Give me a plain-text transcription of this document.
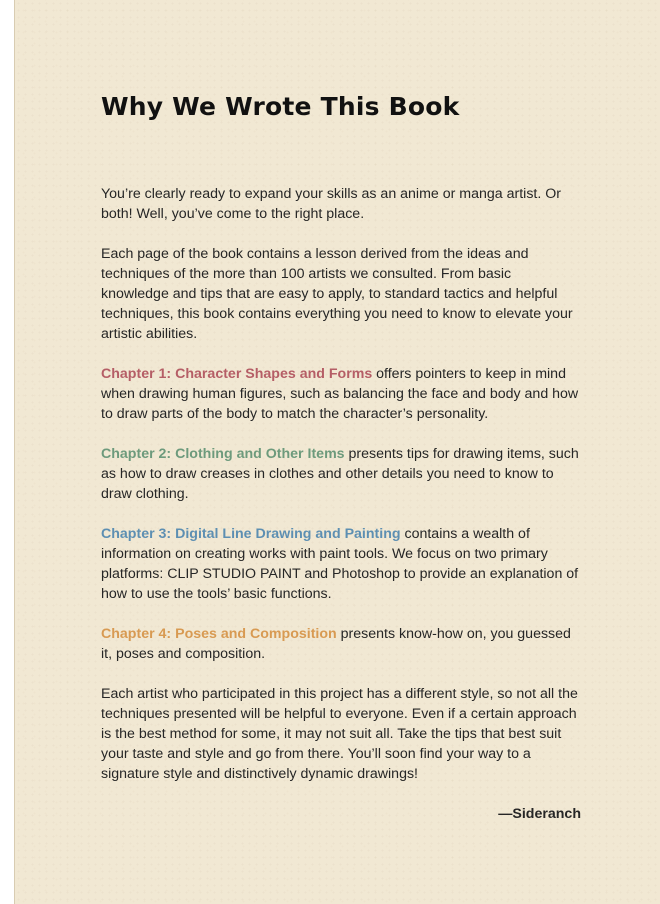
Why We Wrote This Book

You’re clearly ready to expand your skills as an anime or manga artist. Or both! Well, you’ve come to the right place.

Each page of the book contains a lesson derived from the ideas and techniques of the more than 100 artists we consulted. From basic knowledge and tips that are easy to apply, to standard tactics and helpful techniques, this book contains everything you need to know to elevate your artistic abilities.

Chapter 1: Character Shapes and Forms offers pointers to keep in mind when drawing human figures, such as balancing the face and body and how to draw parts of the body to match the character’s personality.

Chapter 2: Clothing and Other Items presents tips for drawing items, such as how to draw creases in clothes and other details you need to know to draw clothing.

Chapter 3: Digital Line Drawing and Painting contains a wealth of information on creating works with paint tools. We focus on two primary platforms: CLIP STUDIO PAINT and Photoshop to provide an explanation of how to use the tools’ basic functions.

Chapter 4: Poses and Composition presents know-how on, you guessed it, poses and composition.

Each artist who participated in this project has a different style, so not all the techniques presented will be helpful to everyone. Even if a certain approach is the best method for some, it may not suit all. Take the tips that best suit your taste and style and go from there. You’ll soon find your way to a signature style and distinctively dynamic drawings!

—Sideranch
